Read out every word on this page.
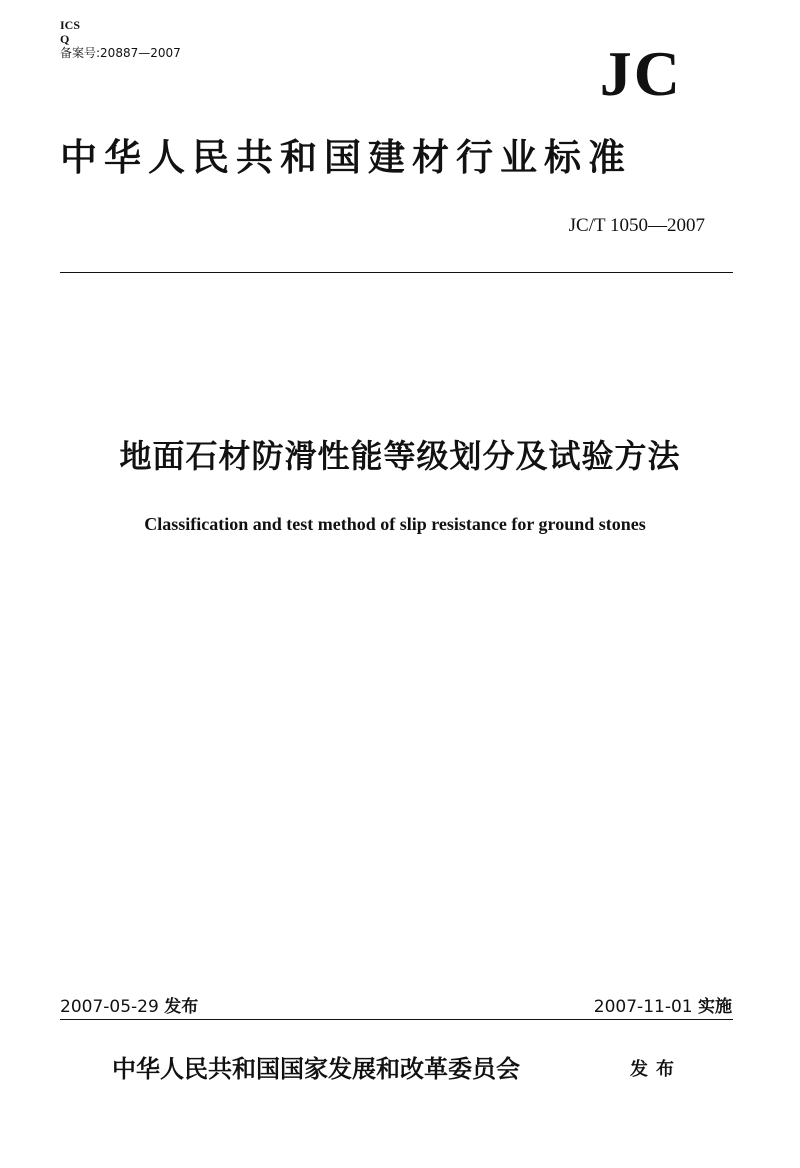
ICS
Q
备案号:20887—2007	JC
中华人民共和国建材行业标准
JC/T 1050—2007
地面石材防滑性能等级划分及试验方法
Classification and test method of slip resistance for ground stones
2007-05-29 发布	2007-11-01 实施
中华人民共和国国家发展和改革委员会	发布
